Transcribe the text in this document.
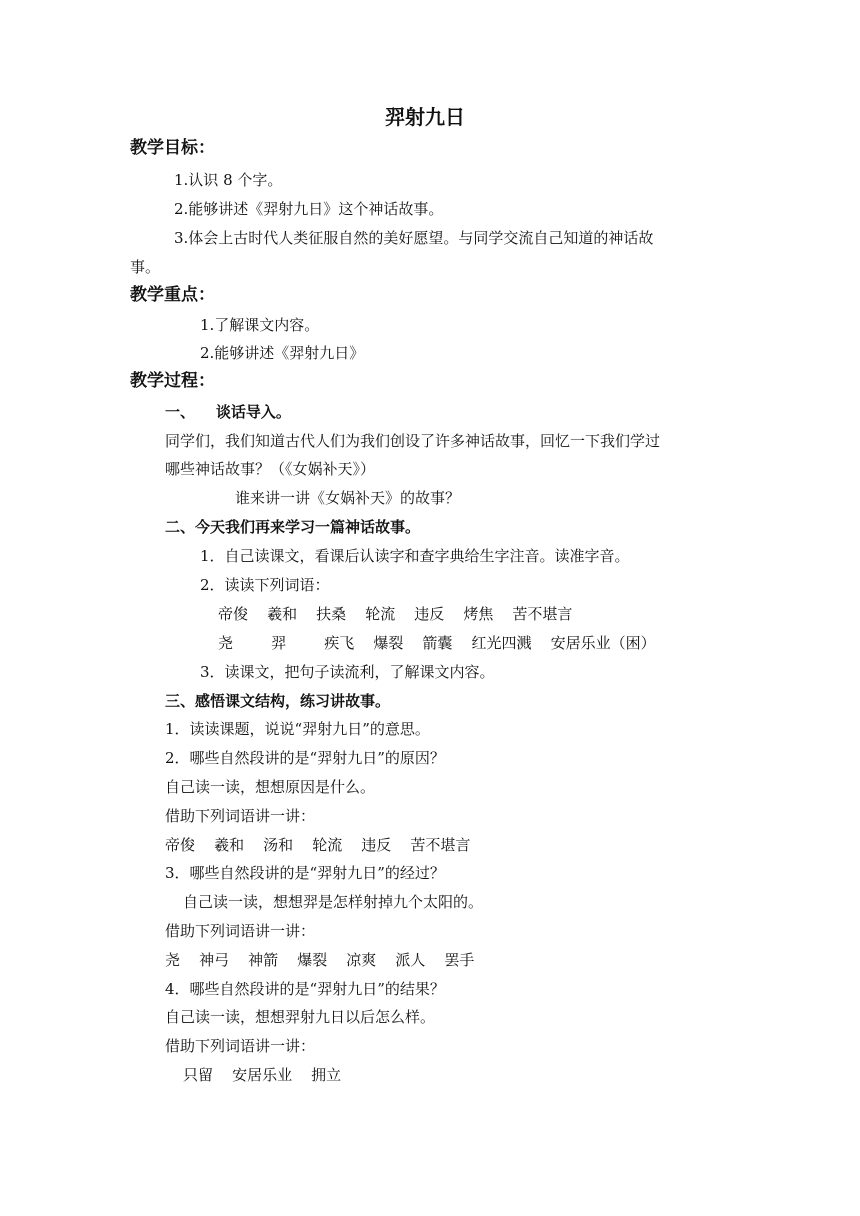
羿射九日
教学目标：
1.认识 8 个字。
2.能够讲述《羿射九日》这个神话故事。
3.体会上古时代人类征服自然的美好愿望。与同学交流自己知道的神话故
事。
教学重点：
1.了解课文内容。
2.能够讲述《羿射九日》
教学过程：
一、    谈话导入。
同学们，我们知道古代人们为我们创设了许多神话故事，回忆一下我们学过
哪些神话故事？（《女娲补天》）
谁来讲一讲《女娲补天》的故事？
二、今天我们再来学习一篇神话故事。
1．自己读课文，看课后认读字和查字典给生字注音。读准字音。
2．读读下列词语：
帝俊    羲和    扶桑    轮流    违反    烤焦    苦不堪言
尧        羿        疾飞    爆裂    箭囊    红光四溅    安居乐业（困）
3．读课文，把句子读流利，了解课文内容。
三、感悟课文结构，练习讲故事。
1．读读课题，说说“羿射九日”的意思。
2．哪些自然段讲的是“羿射九日”的原因？
自己读一读，想想原因是什么。
借助下列词语讲一讲：
帝俊    羲和    汤和    轮流    违反    苦不堪言
3．哪些自然段讲的是“羿射九日”的经过？
自己读一读，想想羿是怎样射掉九个太阳的。
借助下列词语讲一讲：
尧    神弓    神箭    爆裂    凉爽    派人    罢手
4．哪些自然段讲的是“羿射九日”的结果？
自己读一读，想想羿射九日以后怎么样。
借助下列词语讲一讲：
只留    安居乐业    拥立
